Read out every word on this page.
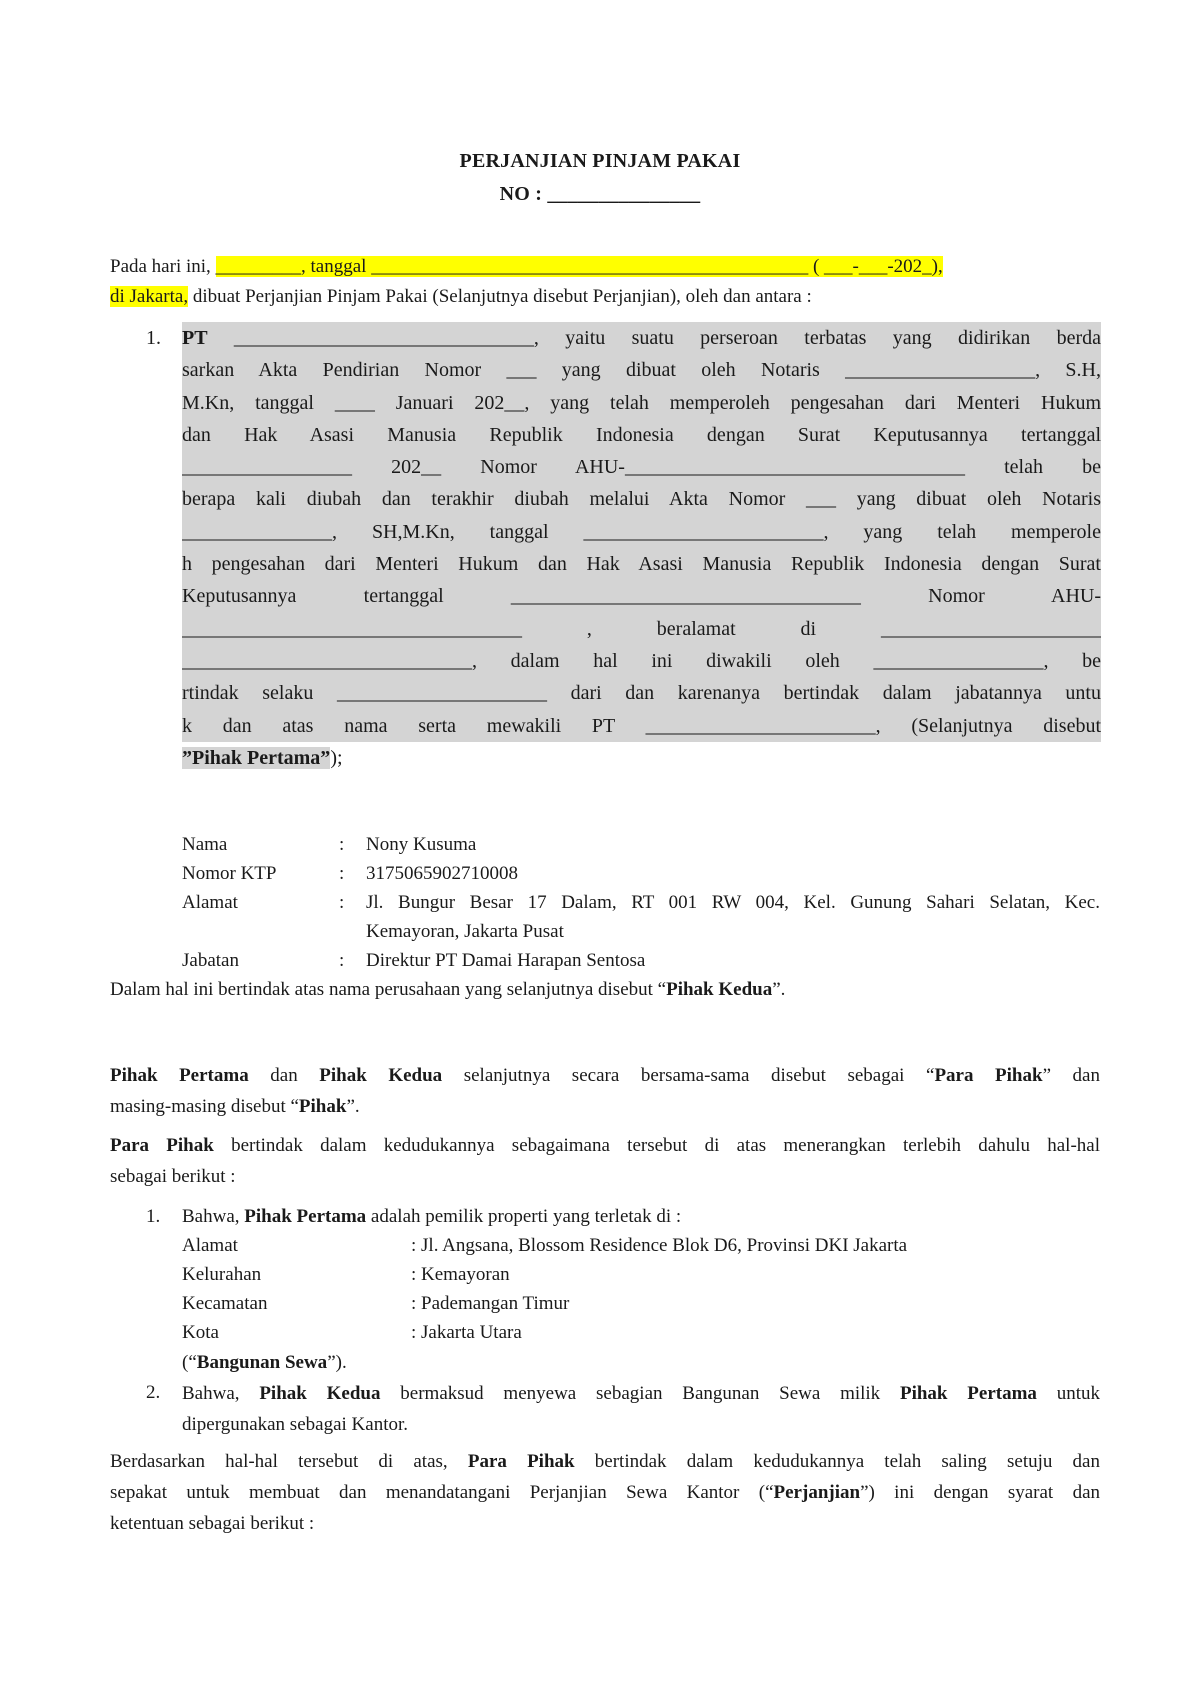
PERJANJIAN PINJAM PAKAI
NO : _______________
Pada hari ini, _________, tanggal ______________________________________________ ( ___-___-202_),
di Jakarta, dibuat Perjanjian Pinjam Pakai (Selanjutnya disebut Perjanjian), oleh dan antara :
1. PT ______________________________, yaitu suatu perseroan terbatas yang didirikan berda
sarkan Akta Pendirian Nomor ___ yang dibuat oleh Notaris ___________________, S.H,
M.Kn, tanggal ____ Januari 202__, yang telah memperoleh pengesahan dari Menteri Hukum
dan Hak Asasi Manusia Republik Indonesia dengan Surat Keputusannya tertanggal
_________________ 202__ Nomor AHU-__________________________________ telah be
berapa kali diubah dan terakhir diubah melalui Akta Nomor ___ yang dibuat oleh Notaris
_______________, SH,M.Kn, tanggal ________________________, yang telah memperole
h pengesahan dari Menteri Hukum dan Hak Asasi Manusia Republik Indonesia dengan Surat
Keputusannya tertanggal ___________________________________ Nomor AHU-
__________________________________ , beralamat di ______________________
_____________________________, dalam hal ini diwakili oleh _________________, be
rtindak selaku _____________________ dari dan karenanya bertindak dalam jabatannya untu
k dan atas nama serta mewakili PT _______________________, (Selanjutnya disebut
”Pihak Pertama”);
Nama	: Nony Kusuma
Nomor KTP	: 3175065902710008
Alamat	: Jl. Bungur Besar 17 Dalam, RT 001 RW 004, Kel. Gunung Sahari Selatan, Kec.
Kemayoran, Jakarta Pusat
Jabatan	: Direktur PT Damai Harapan Sentosa
Dalam hal ini bertindak atas nama perusahaan yang selanjutnya disebut “Pihak Kedua”.
Pihak Pertama dan Pihak Kedua selanjutnya secara bersama-sama disebut sebagai “Para Pihak” dan
masing-masing disebut “Pihak”.
Para Pihak bertindak dalam kedudukannya sebagaimana tersebut di atas menerangkan terlebih dahulu hal-hal
sebagai berikut :
1. Bahwa, Pihak Pertama adalah pemilik properti yang terletak di :
Alamat	: Jl. Angsana, Blossom Residence Blok D6, Provinsi DKI Jakarta
Kelurahan	: Kemayoran
Kecamatan	: Pademangan Timur
Kota	: Jakarta Utara
(“Bangunan Sewa”).
2. Bahwa, Pihak Kedua bermaksud menyewa sebagian Bangunan Sewa milik Pihak Pertama untuk
dipergunakan sebagai Kantor.
Berdasarkan hal-hal tersebut di atas, Para Pihak bertindak dalam kedudukannya telah saling setuju dan
sepakat untuk membuat dan menandatangani Perjanjian Sewa Kantor (“Perjanjian”) ini dengan syarat dan
ketentuan sebagai berikut :
